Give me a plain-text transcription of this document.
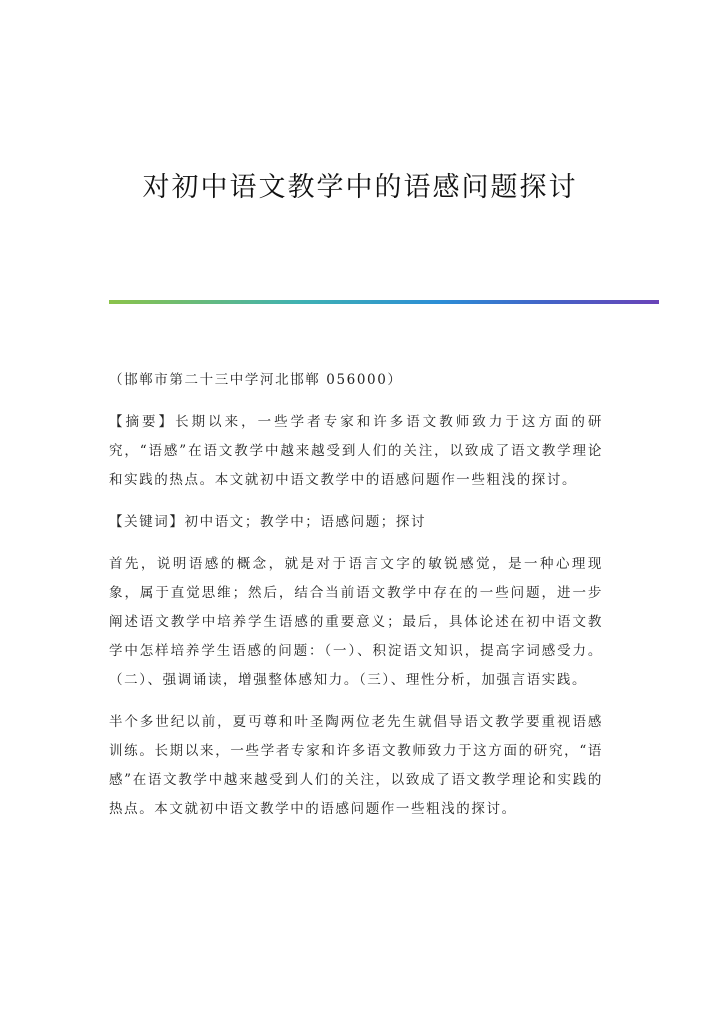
对初中语文教学中的语感问题探讨

（邯郸市第二十三中学河北邯郸 056000）

【摘要】长期以来，一些学者专家和许多语文教师致力于这方面的研究，“语感”在语文教学中越来越受到人们的关注，以致成了语文教学理论和实践的热点。本文就初中语文教学中的语感问题作一些粗浅的探讨。

【关键词】初中语文；教学中；语感问题；探讨

首先，说明语感的概念，就是对于语言文字的敏锐感觉，是一种心理现象，属于直觉思维；然后，结合当前语文教学中存在的一些问题，进一步阐述语文教学中培养学生语感的重要意义；最后，具体论述在初中语文教学中怎样培养学生语感的问题：（一）、积淀语文知识，提高字词感受力。（二）、强调诵读，增强整体感知力。（三）、理性分析，加强言语实践。

半个多世纪以前，夏丏尊和叶圣陶两位老先生就倡导语文教学要重视语感训练。长期以来，一些学者专家和许多语文教师致力于这方面的研究，“语感”在语文教学中越来越受到人们的关注，以致成了语文教学理论和实践的热点。本文就初中语文教学中的语感问题作一些粗浅的探讨。
